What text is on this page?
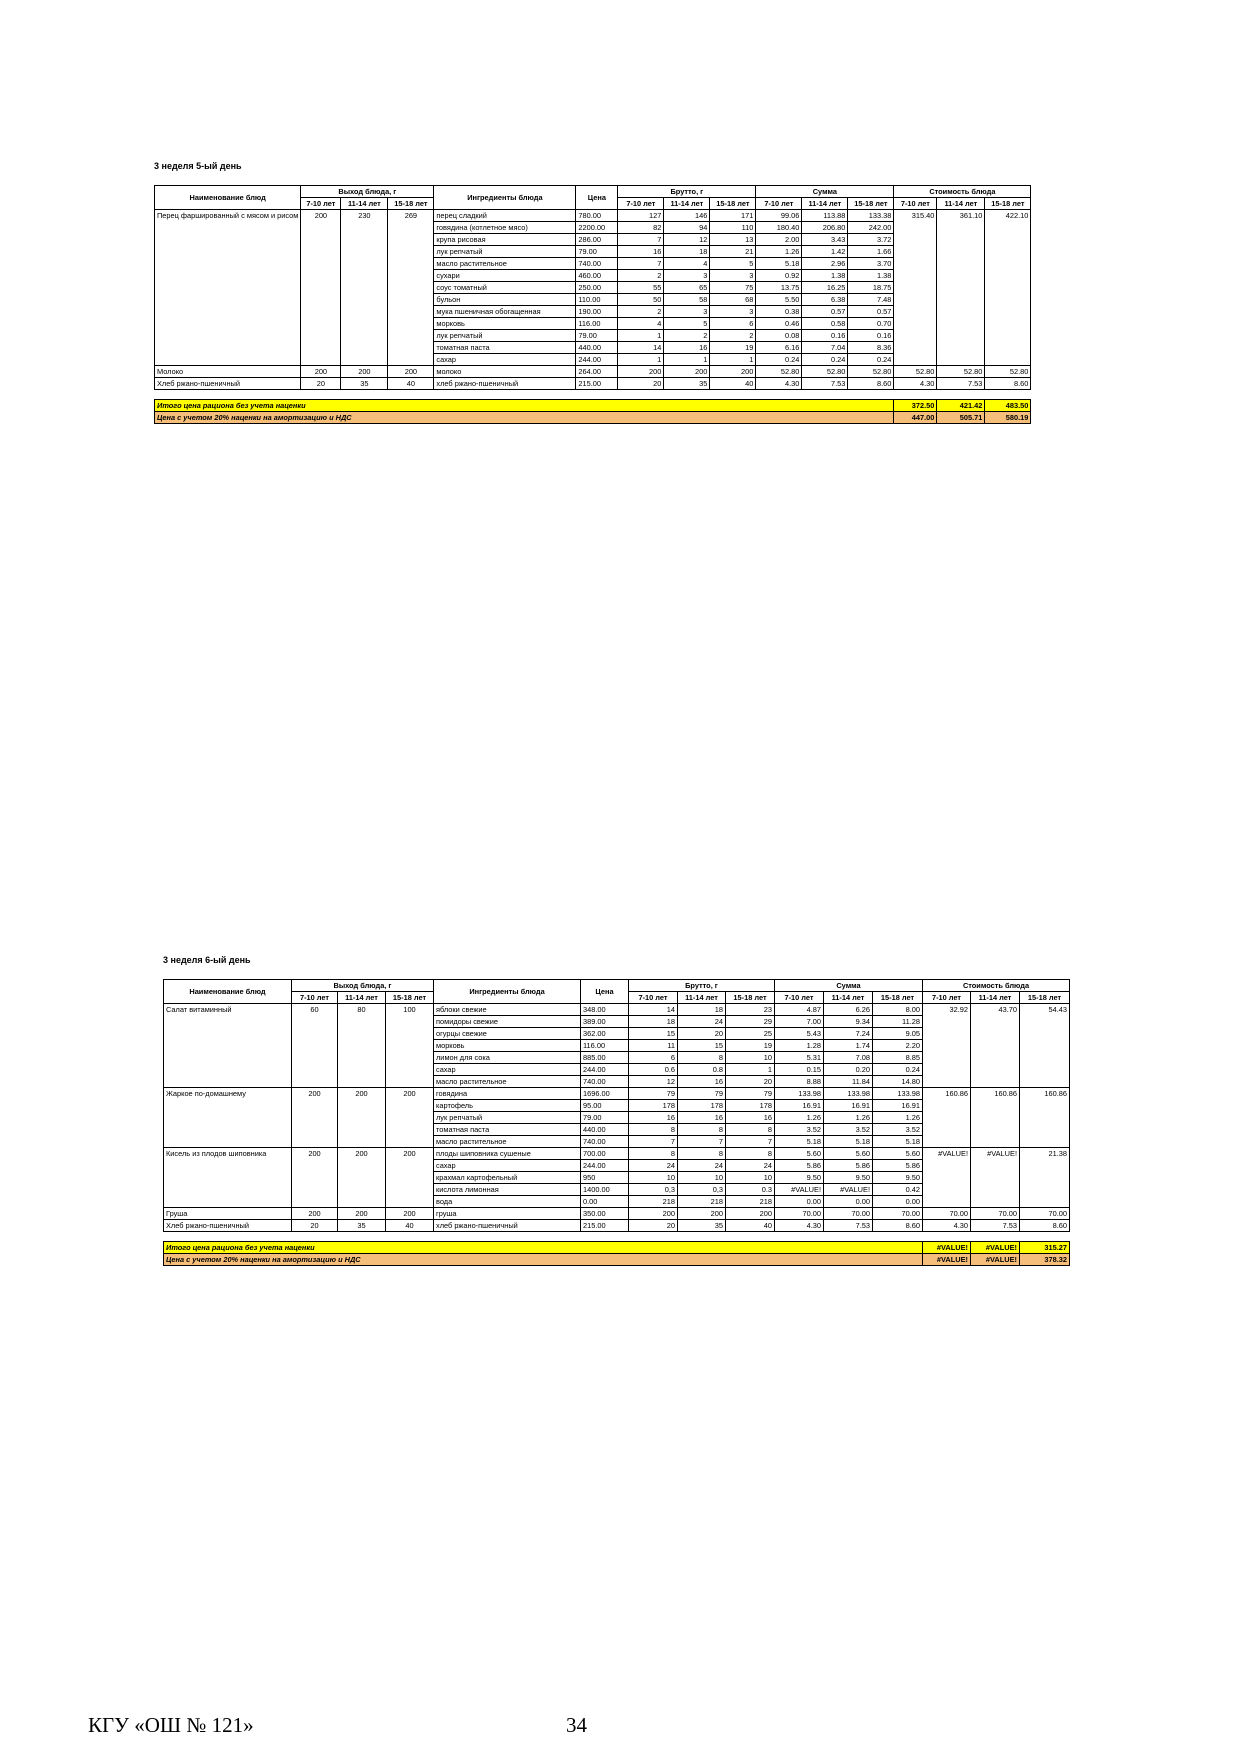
3 неделя 5-ый день
Наименование блюд	Выход блюда, г			Ингредиенты блюда	Цена	Брутто, г			Сумма			Стоимость блюда		
	7-10 лет	11-14 лет	15-18 лет			7-10 лет	11-14 лет	15-18 лет	7-10 лет	11-14 лет	15-18 лет	7-10 лет	11-14 лет	15-18 лет
Перец фаршированный с мясом и рисом	200	230	269	перец сладкий	780.00	127	146	171	99.06	113.88	133.38	315.40	361.10	422.10
				говядина (котлетное мясо)	2200.00	82	94	110	180.40	206.80	242.00			
				крупа рисовая	286.00	7	12	13	2.00	3.43	3.72			
				лук репчатый	79.00	16	18	21	1.26	1.42	1.66			
				масло растительное	740.00	7	4	5	5.18	2.96	3.70			
				сухари	460.00	2	3	3	0.92	1.38	1.38			
				соус томатный	250.00	55	65	75	13.75	16.25	18.75			
				бульон	110.00	50	58	68	5.50	6.38	7.48			
				мука пшеничная обогащенная	190.00	2	3	3	0.38	0.57	0.57			
				морковь	116.00	4	5	6	0.46	0.58	0.70			
				лук репчатый	79.00	1	2	2	0.08	0.16	0.16			
				томатная паста	440.00	14	16	19	6.16	7.04	8.36			
				сахар	244.00	1	1	1	0.24	0.24	0.24			
Молоко	200	200	200	молоко	264.00	200	200	200	52.80	52.80	52.80	52.80	52.80	52.80
Хлеб ржано-пшеничный	20	35	40	хлеб ржано-пшеничный	215.00	20	35	40	4.30	7.53	8.60	4.30	7.53	8.60

Итого цена рациона без учета наценки												372.50	421.42	483.50
Цена с учетом 20% наценки на амортизацию и НДС												447.00	505.71	580.19
3 неделя 6-ый день
Наименование блюд	Выход блюда, г			Ингредиенты блюда	Цена	Брутто, г			Сумма			Стоимость блюда		
	7-10 лет	11-14 лет	15-18 лет			7-10 лет	11-14 лет	15-18 лет	7-10 лет	11-14 лет	15-18 лет	7-10 лет	11-14 лет	15-18 лет
Салат витаминный	60	80	100	яблоки свежие	348.00	14	18	23	4.87	6.26	8.00	32.92	43.70	54.43
				помидоры свежие	389.00	18	24	29	7.00	9.34	11.28			
				огурцы свежие	362.00	15	20	25	5.43	7.24	9.05			
				морковь	116.00	11	15	19	1.28	1.74	2.20			
				лимон для сока	885.00	6	8	10	5.31	7.08	8.85			
				сахар	244.00	0.6	0.8	1	0.15	0.20	0.24			
				масло растительное	740.00	12	16	20	8.88	11.84	14.80			
Жаркое по-домашнему	200	200	200	говядина	1696.00	79	79	79	133.98	133.98	133.98	160.86	160.86	160.86
				картофель	95.00	178	178	178	16.91	16.91	16.91			
				лук репчатый	79.00	16	16	16	1.26	1.26	1.26			
				томатная паста	440.00	8	8	8	3.52	3.52	3.52			
				масло растительное	740.00	7	7	7	5.18	5.18	5.18			
Кисель из плодов шиповника	200	200	200	плоды шиповника сушеные	700.00	8	8	8	5.60	5.60	5.60	#VALUE!	#VALUE!	21.38
				сахар	244.00	24	24	24	5.86	5.86	5.86			
				крахмал картофельный	950	10	10	10	9.50	9.50	9.50			
				кислота лимонная	1400.00	0,3	0,3	0.3	#VALUE!	#VALUE!	0.42			
				вода	0.00	218	218	218	0.00	0.00	0.00			
Груша	200	200	200	груша	350.00	200	200	200	70.00	70.00	70.00	70.00	70.00	70.00
Хлеб ржано-пшеничный	20	35	40	хлеб ржано-пшеничный	215.00	20	35	40	4.30	7.53	8.60	4.30	7.53	8.60

Итого цена рациона без учета наценки												#VALUE!	#VALUE!	315.27
Цена с учетом 20% наценки на амортизацию и НДС												#VALUE!	#VALUE!	378.32
КГУ «ОШ № 121»	34
